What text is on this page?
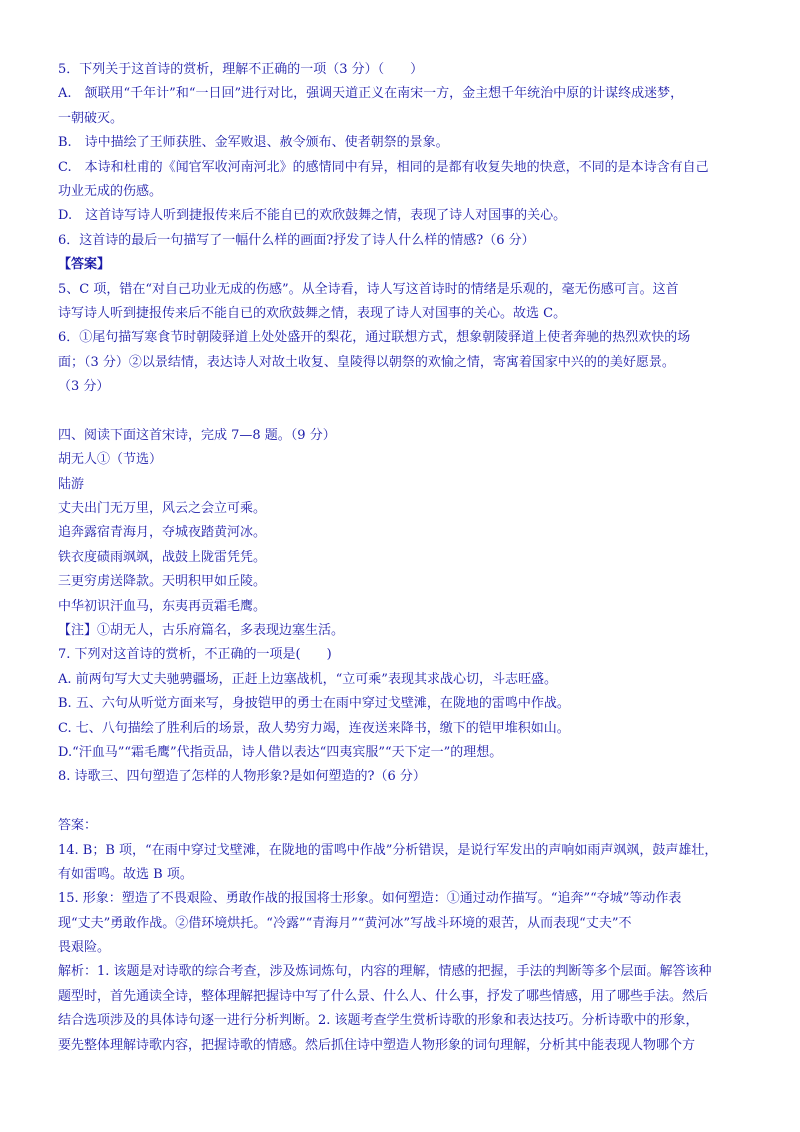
5．下列关于这首诗的赏析，理解不正确的一项（3 分）（　　）
A.　颔联用“千年计”和“一日回”进行对比，强调天道正义在南宋一方，金主想千年统治中原的计谋终成迷梦，
一朝破灭。
B.　诗中描绘了王师获胜、金军败退、赦令颁布、使者朝祭的景象。
C.　本诗和杜甫的《闻官军收河南河北》的感情同中有异，相同的是都有收复失地的快意，不同的是本诗含有自己
功业无成的伤感。
D.　这首诗写诗人听到捷报传来后不能自已的欢欣鼓舞之情，表现了诗人对国事的关心。
6．这首诗的最后一句描写了一幅什么样的画面?抒发了诗人什么样的情感?（6 分）
【答案】
5、C 项，错在“对自己功业无成的伤感”。从全诗看，诗人写这首诗时的情绪是乐观的，毫无伤感可言。这首
诗写诗人听到捷报传来后不能自已的欢欣鼓舞之情，表现了诗人对国事的关心。故选 C。
6．①尾句描写寒食节时朝陵驿道上处处盛开的梨花，通过联想方式，想象朝陵驿道上使者奔驰的热烈欢快的场
面；（3 分）②以景结情，表达诗人对故土收复、皇陵得以朝祭的欢愉之情，寄寓着国家中兴的的美好愿景。
（3 分）
四、阅读下面这首宋诗，完成 7—8 题。（9 分）
胡无人①（节选）
陆游
丈夫出门无万里，风云之会立可乘。
追奔露宿青海月，夺城夜踏黄河冰。
铁衣度碛雨飒飒，战鼓上陇雷凭凭。
三更穷虏送降款。天明积甲如丘陵。
中华初识汗血马，东夷再贡霜毛鹰。
【注】①胡无人，古乐府篇名，多表现边塞生活。
7. 下列对这首诗的赏析，不正确的一项是(　　)
A. 前两句写大丈夫驰骋疆场，正赶上边塞战机，“立可乘”表现其求战心切，斗志旺盛。
B. 五、六句从听觉方面来写，身披铠甲的勇士在雨中穿过戈壁滩，在陇地的雷鸣中作战。
C. 七、八句描绘了胜利后的场景，敌人势穷力竭，连夜送来降书，缴下的铠甲堆积如山。
D.“汗血马”“霜毛鹰”代指贡品，诗人借以表达“四夷宾服”“天下定一”的理想。
8. 诗歌三、四句塑造了怎样的人物形象?是如何塑造的?（6 分）
答案：
14. B；B 项，“在雨中穿过戈壁滩，在陇地的雷鸣中作战”分析错误，是说行军发出的声响如雨声飒飒，鼓声雄壮，
有如雷鸣。故选 B 项。
15. 形象：塑造了不畏艰险、勇敢作战的报国将士形象。如何塑造：①通过动作描写。“追奔”“夺城”等动作表
现“丈夫”勇敢作战。②借环境烘托。“冷露”“青海月”“黄河冰”写战斗环境的艰苦，从而表现“丈夫”不
畏艰险。
解析：1. 该题是对诗歌的综合考查，涉及炼词炼句，内容的理解，情感的把握，手法的判断等多个层面。解答该种
题型时，首先通读全诗，整体理解把握诗中写了什么景、什么人、什么事，抒发了哪些情感，用了哪些手法。然后
结合选项涉及的具体诗句逐一进行分析判断。2. 该题考查学生赏析诗歌的形象和表达技巧。分析诗歌中的形象，
要先整体理解诗歌内容，把握诗歌的情感。然后抓住诗中塑造人物形象的词句理解，分析其中能表现人物哪个方
